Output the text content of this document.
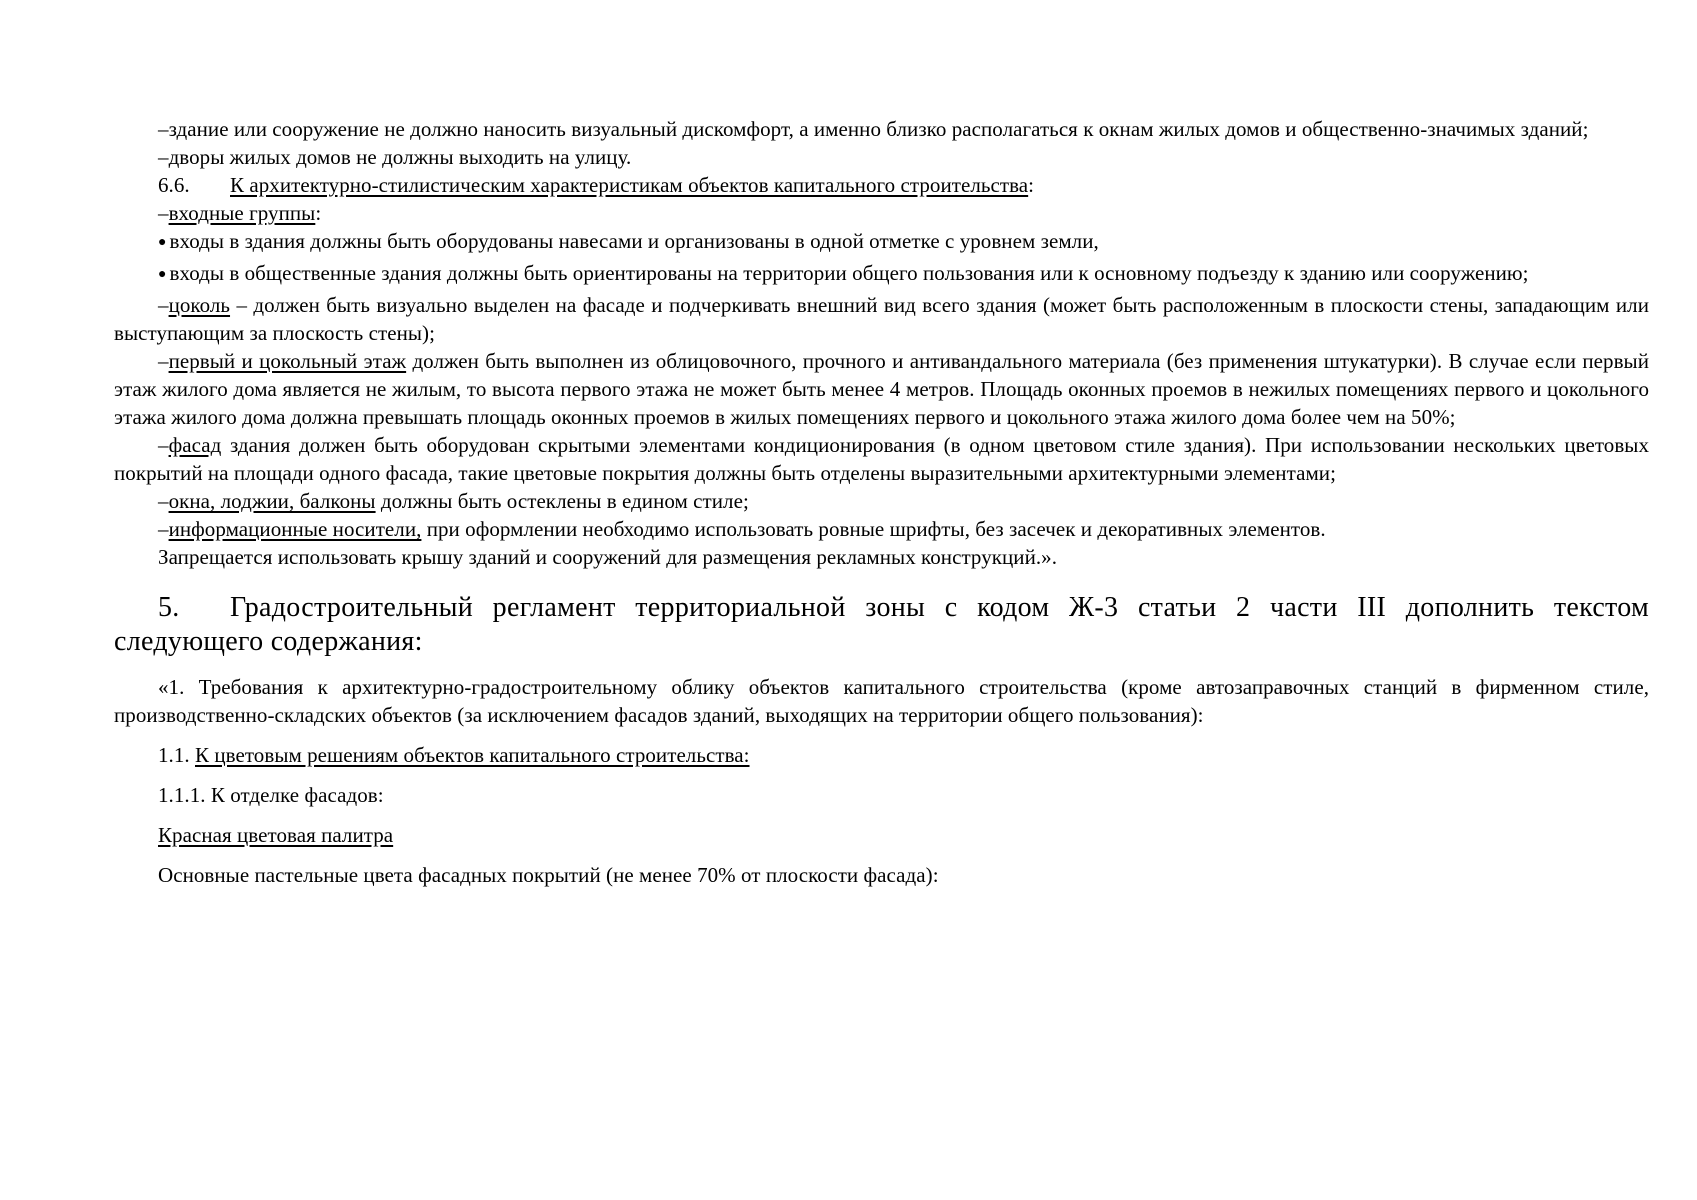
–здание или сооружение не должно наносить визуальный дискомфорт, а именно близко располагаться к окнам жилых домов и общественно-значимых зданий;

–дворы жилых домов не должны выходить на улицу.

6.6. К архитектурно-стилистическим характеристикам объектов капитального строительства:

–входные группы:

● входы в здания должны быть оборудованы навесами и организованы в одной отметке с уровнем земли,

● входы в общественные здания должны быть ориентированы на территории общего пользования или к основному подъезду к зданию или сооружению;

–цоколь – должен быть визуально выделен на фасаде и подчеркивать внешний вид всего здания (может быть расположенным в плоскости стены, западающим или выступающим за плоскость стены);

–первый и цокольный этаж должен быть выполнен из облицовочного, прочного и антивандального материала (без применения штукатурки). В случае если первый этаж жилого дома является не жилым, то высота первого этажа не может быть менее 4 метров. Площадь оконных проемов в нежилых помещениях первого и цокольного этажа жилого дома должна превышать площадь оконных проемов в жилых помещениях первого и цокольного этажа жилого дома более чем на 50%;

–фасад здания должен быть оборудован скрытыми элементами кондиционирования (в одном цветовом стиле здания). При использовании нескольких цветовых покрытий на площади одного фасада, такие цветовые покрытия должны быть отделены выразительными архитектурными элементами;

–окна, лоджии, балконы должны быть остеклены в едином стиле;

–информационные носители, при оформлении необходимо использовать ровные шрифты, без засечек и декоративных элементов.

Запрещается использовать крышу зданий и сооружений для размещения рекламных конструкций.».

5. Градостроительный регламент территориальной зоны с кодом Ж-3 статьи 2 части III дополнить текстом следующего содержания:

«1. Требования к архитектурно-градостроительному облику объектов капитального строительства (кроме автозаправочных станций в фирменном стиле, производственно-складских объектов (за исключением фасадов зданий, выходящих на территории общего пользования):

1.1. К цветовым решениям объектов капитального строительства:

1.1.1. К отделке фасадов:

Красная цветовая палитра

Основные пастельные цвета фасадных покрытий (не менее 70% от плоскости фасада):
